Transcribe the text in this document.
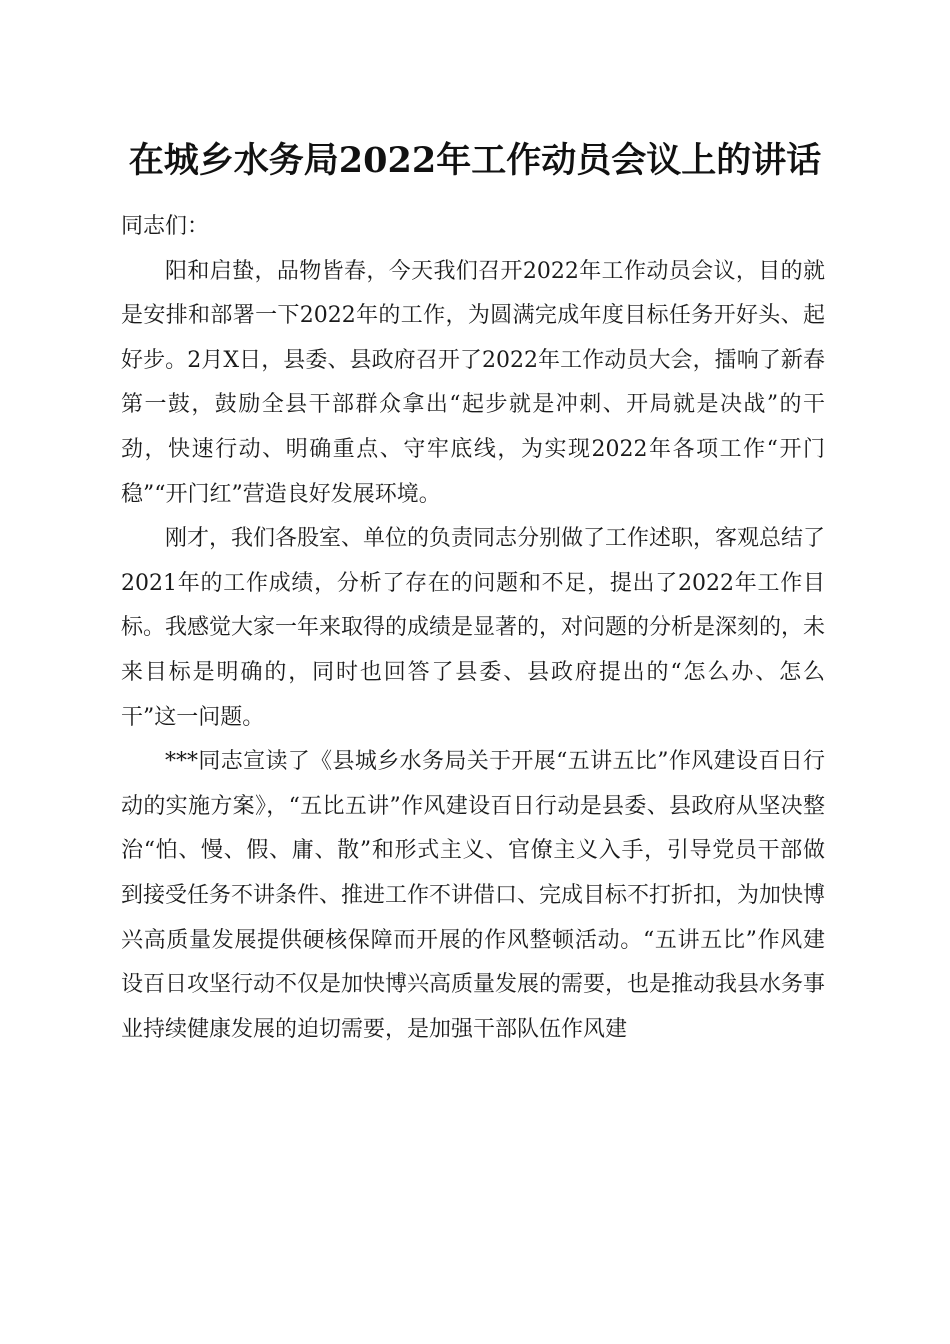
在城乡水务局2022年工作动员会议上的讲话

同志们：

阳和启蛰，品物皆春，今天我们召开2022年工作动员会议，目的就是安排和部署一下2022年的工作，为圆满完成年度目标任务开好头、起好步。2月X日，县委、县政府召开了2022年工作动员大会，擂响了新春第一鼓，鼓励全县干部群众拿出“起步就是冲刺、开局就是决战”的干劲，快速行动、明确重点、守牢底线，为实现2022年各项工作“开门稳”“开门红”营造良好发展环境。

刚才，我们各股室、单位的负责同志分别做了工作述职，客观总结了2021年的工作成绩，分析了存在的问题和不足，提出了2022年工作目标。我感觉大家一年来取得的成绩是显著的，对问题的分析是深刻的，未来目标是明确的，同时也回答了县委、县政府提出的“怎么办、怎么干”这一问题。

***同志宣读了《县城乡水务局关于开展“五讲五比”作风建设百日行动的实施方案》，“五比五讲”作风建设百日行动是县委、县政府从坚决整治“怕、慢、假、庸、散”和形式主义、官僚主义入手，引导党员干部做到接受任务不讲条件、推进工作不讲借口、完成目标不打折扣，为加快博兴高质量发展提供硬核保障而开展的作风整顿活动。“五讲五比”作风建设百日攻坚行动不仅是加快博兴高质量发展的需要，也是推动我县水务事业持续健康发展的迫切需要，是加强干部队伍作风建
